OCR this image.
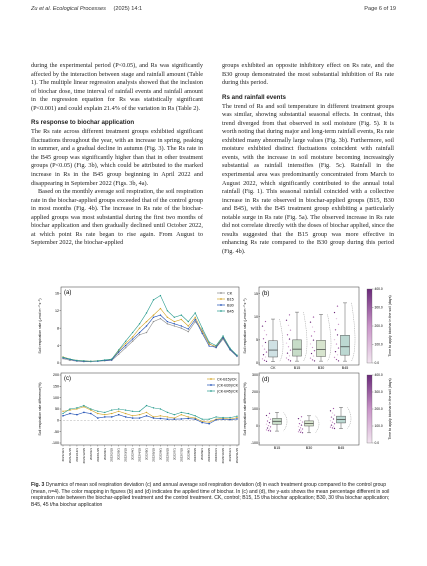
Zu et al. Ecological Processes (2025) 14:1	Page 6 of 19

during the experimental period (P<0.05), and Rs was significantly affected by the interaction between stage and rainfall amount (Table 1). The multiple linear regression analysis showed that the inclusion of biochar dose, time interval of rainfall events and rainfall amount in the regression equation for Rs was statistically significant (P<0.001) and could explain 21.4% of the variation in Rs (Table 2).

Rs response to biochar application

The Rs rate across different treatment groups exhibited significant fluctuations throughout the year, with an increase in spring, peaking in summer, and a gradual decline in autumn (Fig. 3). The Rs rate in the B45 group was significantly higher than that in other treatment groups (P<0.05) (Fig. 3b), which could be attributed to the marked increase in Rs in the B45 group beginning in April 2022 and disappearing in September 2022 (Figs. 3b, 4a).

Based on the monthly average soil respiration, the soil respiration rate in the biochar-applied groups exceeded that of the control group in most months (Fig. 4b). The increase in Rs rate of the biochar-applied groups was most substantial during the first two months of biochar application and then gradually declined until October 2022, at which point Rs rate began to rise again. From August to September 2022, the biochar-applied

groups exhibited an opposite inhibitory effect on Rs rate, and the B30 group demonstrated the most substantial inhibition of Rs rate during this period.

Rs and rainfall events

The trend of Rs and soil temperature in different treatment groups was similar, showing substantial seasonal effects. In contrast, this trend diverged from that observed in soil moisture (Fig. 5). It is worth noting that during major and long-term rainfall events, Rs rate exhibited many abnormally large values (Fig. 3b). Furthermore, soil moisture exhibited distinct fluctuations coincident with rainfall events, with the increase in soil moisture becoming increasingly substantial as rainfall intensifies (Fig. 5c). Rainfall in the experimental area was predominantly concentrated from March to August 2022, which significantly contributed to the annual total rainfall (Fig. 1). This seasonal rainfall coincided with a collective increase in Rs rate observed in biochar-applied groups (B15, B30 and B45), with the B45 treatment group exhibiting a particularly notable surge in Rs rate (Fig. 5a). The observed increase in Rs rate did not correlate directly with the doses of biochar applied, since the results suggested that the B15 group was more effective in enhancing Rs rate compared to the B30 group during this period (Fig. 4b).

(a)
Soil respiration rate (μmol m⁻² s⁻¹)
16
12
8
4
0
CK
B15
B30
B45
(c)
Soil respiration rate difference(%)
200
150
100
50
0
-50
-100
CK-B15)/CK
(CK-B30)/CK
(CK-B45)/CK
2021/11/1 2021/11/15 2021/12/1 2021/12/15 2022/1/1 2022/1/15 2022/2/1 2022/2/15 2022/3/1 2022/3/15 2022/4/1 2022/4/15 2022/5/1 2022/5/15 2022/6/1 2022/6/15 2022/7/1 2022/7/15 2022/8/1 2022/8/15 2022/9/1 2022/9/15 2022/10/1 2022/10/15 2022/11/1 2022/11/15
(b)
Soil respiration rate (μmol m⁻² s⁻¹)
15
10
5
0
CK	B15	B30	B45
400.0
300.0
200.0
100.0
0.0
Time to apply biochar in the soil (days)
(d)
Soil respiration rate difference(%)
300
200
100
0
-100
B15	B30	B45
400.0
300.0
200.0
100.0
0.0
Time to apply biochar in the soil (days)
Fig. 3 Dynamics of mean soil respiration deviation (c) and annual average soil respiration deviation (d) in each treatment group compared to the control group (mean, n=4). The color mapping in figures (b) and (d) indicates the applied time of biochar. In (c) and (d), the y-axis shows the mean percentage different in soil respiration rate between the biochar-applied treatment and the control treatment. CK, control; B15, 15 t/ha biochar application; B30, 30 t/ha biochar application; B45, 45 t/ha biochar application
